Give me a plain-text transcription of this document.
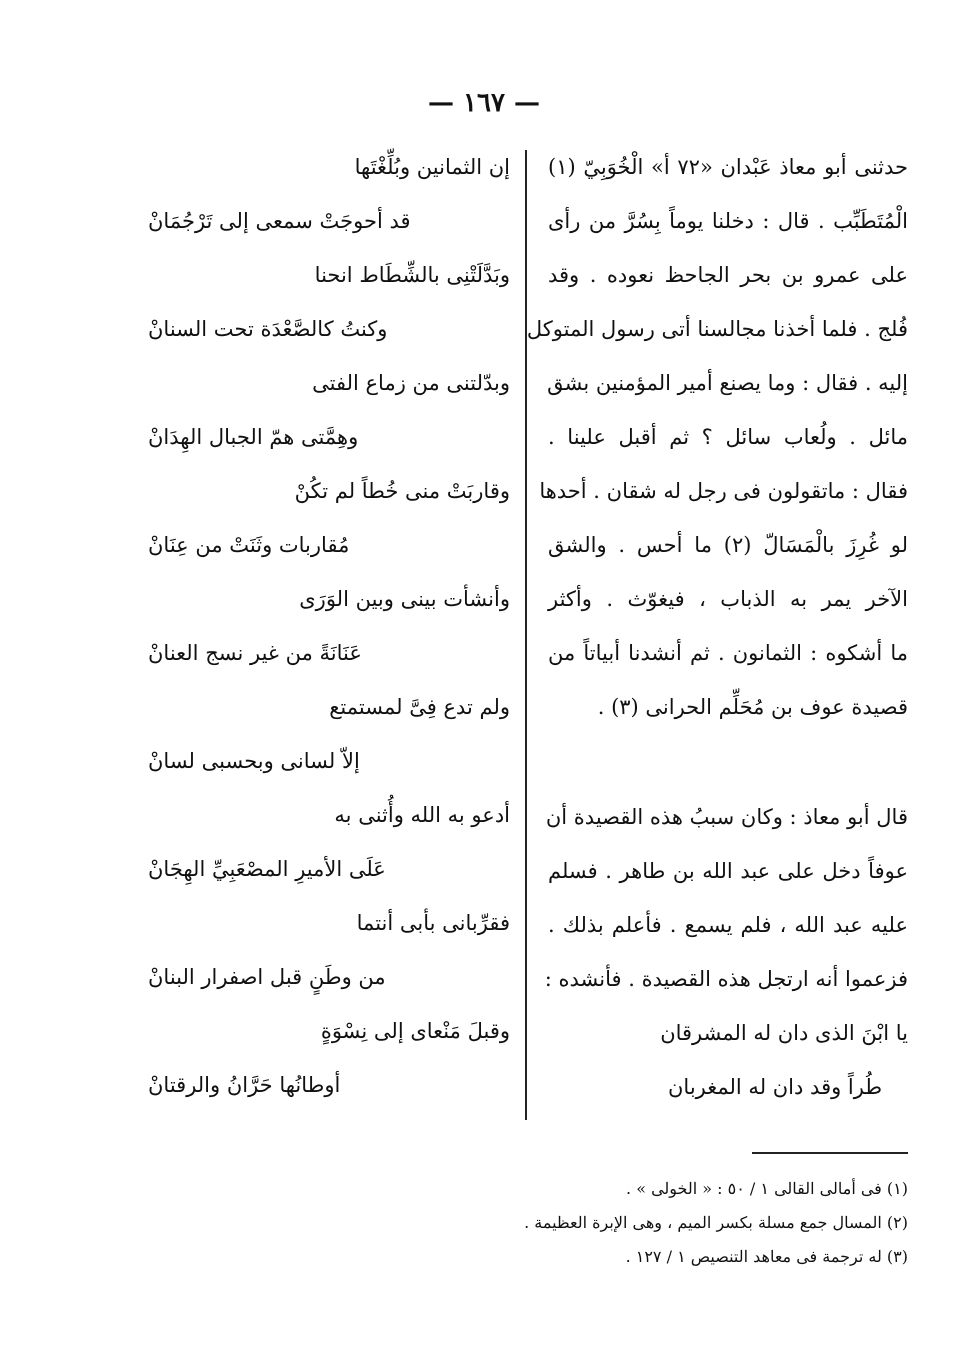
— ١٦٧ —

حدثنى أبو معاذ عَبْدان «٧٢ أ» الْخُوَبِيّ (١)

الْمُتَطَبِّب . قال : دخلنا يوماً بِسُرَّ من رأى

على عمرو بن بحر الجاحظ نعوده . وقد

فُلج . فلما أخذنا مجالسنا أتى رسول المتوكل

إليه . فقال : وما يصنع أمير المؤمنين بشق

مائل . ولُعاب سائل ؟ ثم أقبل علينا .

فقال : ماتقولون فى رجل له شقان . أحدها

لو غُرِزَ بالْمَسَالّ (٢) ما أحس . والشق

الآخر يمر به الذباب ، فيغوّث . وأكثر

ما أشكوه : الثمانون . ثم أنشدنا أبياتاً من

قصيدة عوف بن مُحَلِّم الحرانى (٣) .

قال أبو معاذ : وكان سببُ هذه القصيدة أن

عوفاً دخل على عبد الله بن طاهر . فسلم

عليه عبد الله ، فلم يسمع . فأعلم بذلك .

فزعموا أنه ارتجل هذه القصيدة . فأنشده :

يا ابْنَ الذى دان له المشرقان

طُراً وقد دان له المغربان

إن الثمانين وبُلِّغْتَها

قد أحوجَتْ سمعى إلى تَرْجُمَانْ

وبَدَّلَتْنِى بالشِّطَاط انحنا

وكنتُ كالصَّعْدَة تحت السنانْ

وبدّلتنى من زماع الفتى

وهِمَّتى همّ الجبال الهِدَانْ

وقاربَتْ منى خُطاً لم تكُنْ

مُقاربات وثَنَتْ من عِنَانْ

وأنشأت بينى وبين الوَرَى

عَنَانَةً من غير نسج العنانْ

ولم تدع فِىَّ لمستمتع

إلاّ لسانى وبحسبى لسانْ

أدعو به الله وأُثنى به

عَلَى الأميرِ المصْعَبِيِّ الهِجَانْ

فقرِّبانى بأبى أنتما

من وطَنٍ قبل اصفرار البنانْ

وقبلَ مَنْعاى إلى نِسْوَةٍ

أوطانُها حَرَّانُ والرقتانْ

(١) فى أمالى القالى ١ / ٥٠ : « الخولى » .

(٢) المسال جمع مسلة بكسر الميم ، وهى الإبرة العظيمة .

(٣) له ترجمة فى معاهد التنصيص ١ / ١٢٧ .
